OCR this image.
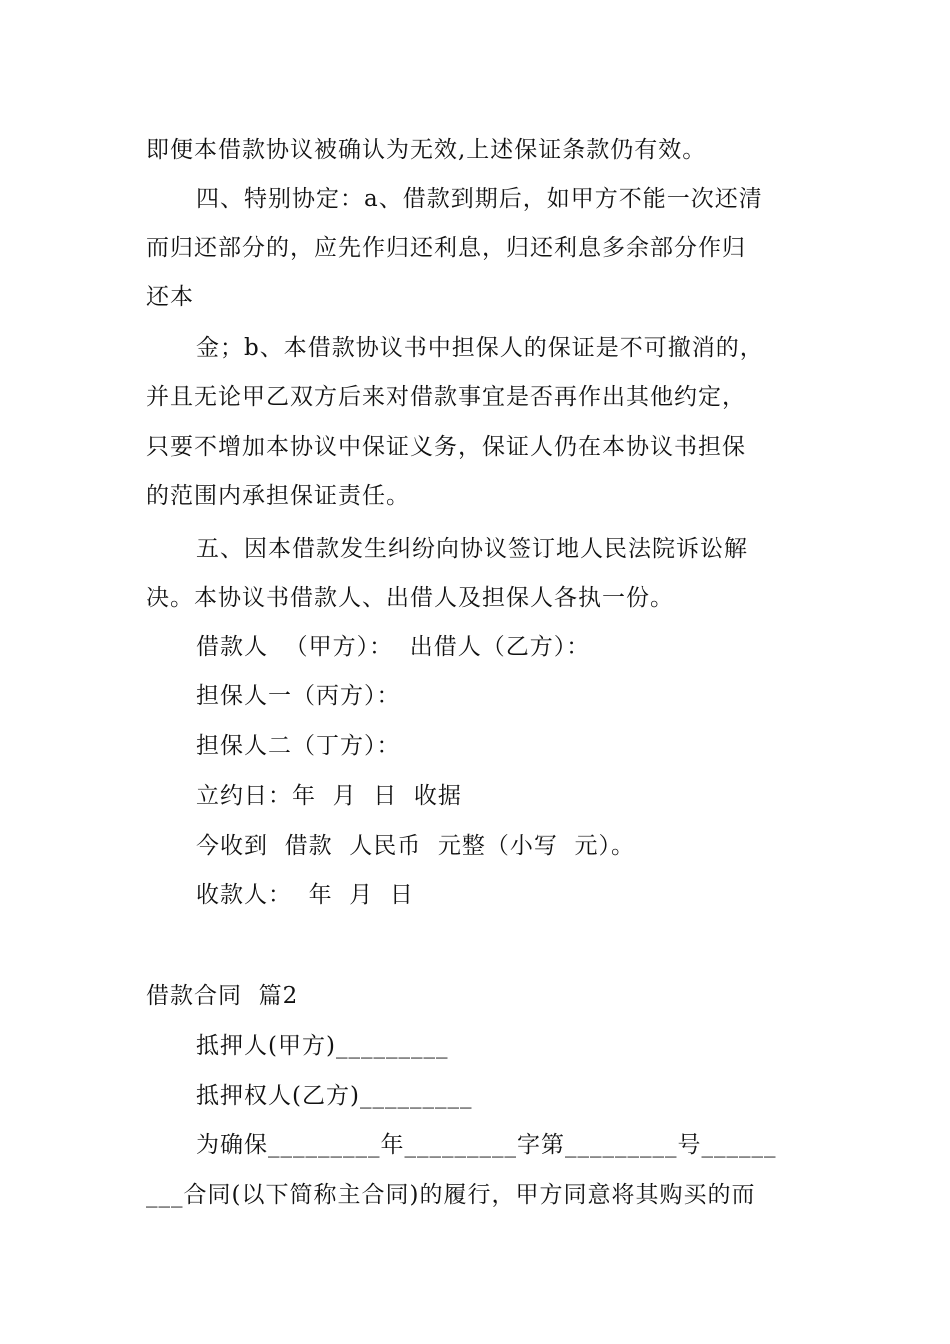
即便本借款协议被确认为无效,上述保证条款仍有效。
四、特别协定：a、借款到期后，如甲方不能一次还清
而归还部分的，应先作归还利息，归还利息多余部分作归
还本
金；b、本借款协议书中担保人的保证是不可撤消的，
并且无论甲乙双方后来对借款事宜是否再作出其他约定，
只要不增加本协议中保证义务，保证人仍在本协议书担保
的范围内承担保证责任。
五、因本借款发生纠纷向协议签订地人民法院诉讼解
决。本协议书借款人、出借人及担保人各执一份。
借款人  （甲方）：  出借人（乙方）：
担保人一（丙方）：
担保人二（丁方）：
立约日：年  月  日  收据
今收到  借款  人民币  元整（小写  元）。
收款人：  年  月  日
借款合同  篇2
抵押人(甲方)_________
抵押权人(乙方)_________
为确保_________年_________字第_________号______
___合同(以下简称主合同)的履行，甲方同意将其购买的而
